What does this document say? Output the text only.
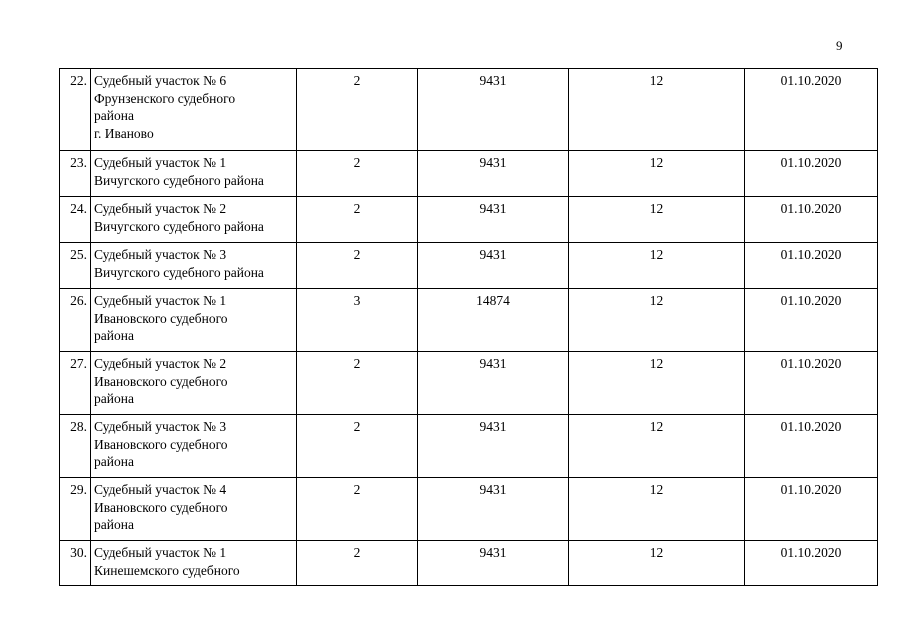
9
22.	Судебный участок № 6
Фрунзенского судебного
района
г. Иваново	2	9431	12	01.10.2020
23.	Судебный участок № 1
Вичугского судебного района	2	9431	12	01.10.2020
24.	Судебный участок № 2
Вичугского судебного района	2	9431	12	01.10.2020
25.	Судебный участок № 3
Вичугского судебного района	2	9431	12	01.10.2020
26.	Судебный участок № 1
Ивановского судебного
района	3	14874	12	01.10.2020
27.	Судебный участок № 2
Ивановского судебного
района	2	9431	12	01.10.2020
28.	Судебный участок № 3
Ивановского судебного
района	2	9431	12	01.10.2020
29.	Судебный участок № 4
Ивановского судебного
района	2	9431	12	01.10.2020
30.	Судебный участок № 1
Кинешемского судебного	2	9431	12	01.10.2020
